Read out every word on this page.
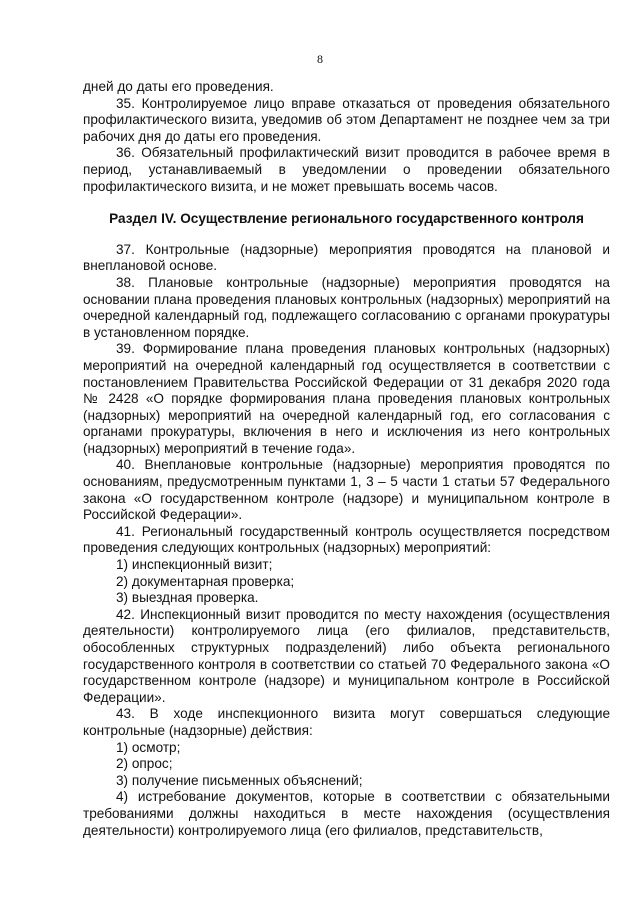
8

дней до даты его проведения.

35. Контролируемое лицо вправе отказаться от проведения обязательного профилактического визита, уведомив об этом Департамент не позднее чем за три рабочих дня до даты его проведения.

36. Обязательный профилактический визит проводится в рабочее время в период, устанавливаемый в уведомлении о проведении обязательного профилактического визита, и не может превышать восемь часов.

Раздел IV. Осуществление регионального государственного контроля

37. Контрольные (надзорные) мероприятия проводятся на плановой и внеплановой основе.

38. Плановые контрольные (надзорные) мероприятия проводятся на основании плана проведения плановых контрольных (надзорных) мероприятий на очередной календарный год, подлежащего согласованию с органами прокуратуры в установленном порядке.

39. Формирование плана проведения плановых контрольных (надзорных) мероприятий на очередной календарный год осуществляется в соответствии с постановлением Правительства Российской Федерации от 31 декабря 2020 года № 2428 «О порядке формирования плана проведения плановых контрольных (надзорных) мероприятий на очередной календарный год, его согласования с органами прокуратуры, включения в него и исключения из него контрольных (надзорных) мероприятий в течение года».

40. Внеплановые контрольные (надзорные) мероприятия проводятся по основаниям, предусмотренным пунктами 1, 3 – 5 части 1 статьи 57 Федерального закона «О государственном контроле (надзоре) и муниципальном контроле в Российской Федерации».

41. Региональный государственный контроль осуществляется посредством проведения следующих контрольных (надзорных) мероприятий:

1) инспекционный визит;

2) документарная проверка;

3) выездная проверка.

42. Инспекционный визит проводится по месту нахождения (осуществления деятельности) контролируемого лица (его филиалов, представительств, обособленных структурных подразделений) либо объекта регионального государственного контроля в соответствии со статьей 70 Федерального закона «О государственном контроле (надзоре) и муниципальном контроле в Российской Федерации».

43. В ходе инспекционного визита могут совершаться следующие контрольные (надзорные) действия:

1) осмотр;

2) опрос;

3) получение письменных объяснений;

4) истребование документов, которые в соответствии с обязательными требованиями должны находиться в месте нахождения (осуществления деятельности) контролируемого лица (его филиалов, представительств,
